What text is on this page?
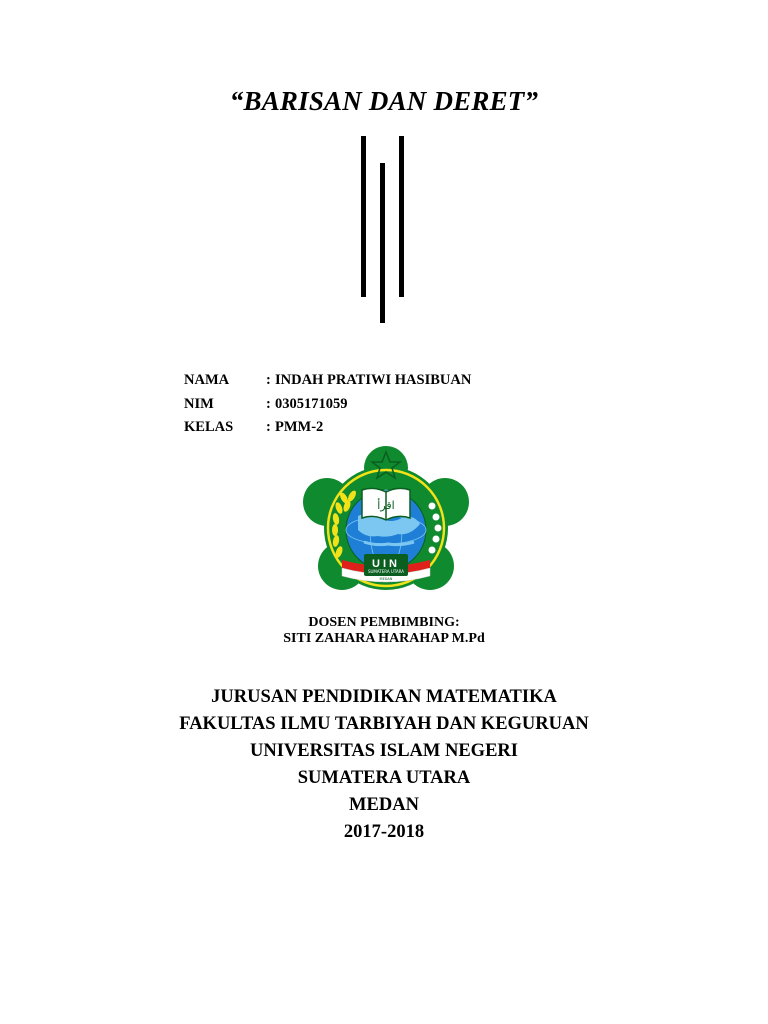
“BARISAN DAN DERET”
NAMA	: INDAH PRATIWI HASIBUAN
NIM	: 0305171059
KELAS	: PMM-2
اقرأ
UIN
SUMATERA UTARA
MEDAN
DOSEN PEMBIMBING:
SITI ZAHARA HARAHAP M.Pd
JURUSAN PENDIDIKAN MATEMATIKA
FAKULTAS ILMU TARBIYAH DAN KEGURUAN
UNIVERSITAS ISLAM NEGERI
SUMATERA UTARA
MEDAN
2017-2018
